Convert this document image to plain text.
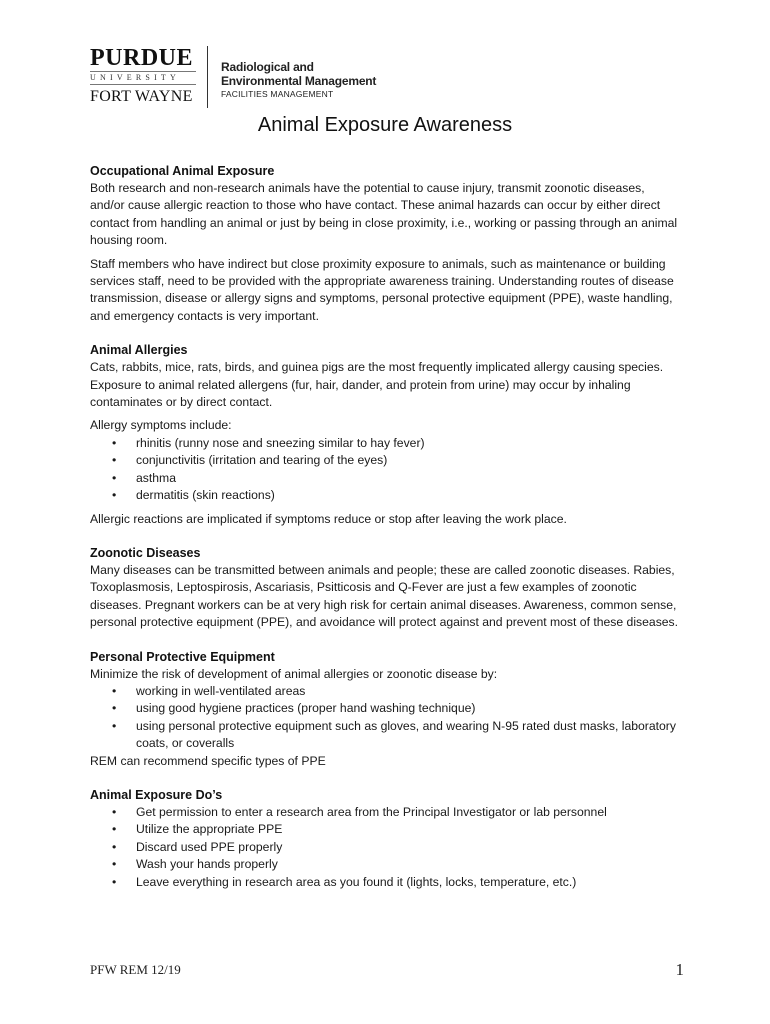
PURDUE
UNIVERSITY
FORT WAYNE
Radiological and Environmental Management
FACILITIES MANAGEMENT
Animal Exposure Awareness
Occupational Animal Exposure

Both research and non-research animals have the potential to cause injury, transmit zoonotic diseases, and/or cause allergic reaction to those who have contact. These animal hazards can occur by either direct contact from handling an animal or just by being in close proximity, i.e., working or passing through an animal housing room.

Staff members who have indirect but close proximity exposure to animals, such as maintenance or building services staff, need to be provided with the appropriate awareness training. Understanding routes of disease transmission, disease or allergy signs and symptoms, personal protective equipment (PPE), waste handling, and emergency contacts is very important.

Animal Allergies

Cats, rabbits, mice, rats, birds, and guinea pigs are the most frequently implicated allergy causing species. Exposure to animal related allergens (fur, hair, dander, and protein from urine) may occur by inhaling contaminates or by direct contact.

Allergy symptoms include:

• rhinitis (runny nose and sneezing similar to hay fever)
• conjunctivitis (irritation and tearing of the eyes)
• asthma
• dermatitis (skin reactions)

Allergic reactions are implicated if symptoms reduce or stop after leaving the work place.

Zoonotic Diseases

Many diseases can be transmitted between animals and people; these are called zoonotic diseases. Rabies, Toxoplasmosis, Leptospirosis, Ascariasis, Psitticosis and Q-Fever are just a few examples of zoonotic diseases. Pregnant workers can be at very high risk for certain animal diseases. Awareness, common sense, personal protective equipment (PPE), and avoidance will protect against and prevent most of these diseases.

Personal Protective Equipment

Minimize the risk of development of animal allergies or zoonotic disease by:

• working in well-ventilated areas
• using good hygiene practices (proper hand washing technique)
• using personal protective equipment such as gloves, and wearing N-95 rated dust masks, laboratory coats, or coveralls

REM can recommend specific types of PPE

Animal Exposure Do’s
• Get permission to enter a research area from the Principal Investigator or lab personnel
• Utilize the appropriate PPE
• Discard used PPE properly
• Wash your hands properly
• Leave everything in research area as you found it (lights, locks, temperature, etc.)
PFW REM 12/19	1
